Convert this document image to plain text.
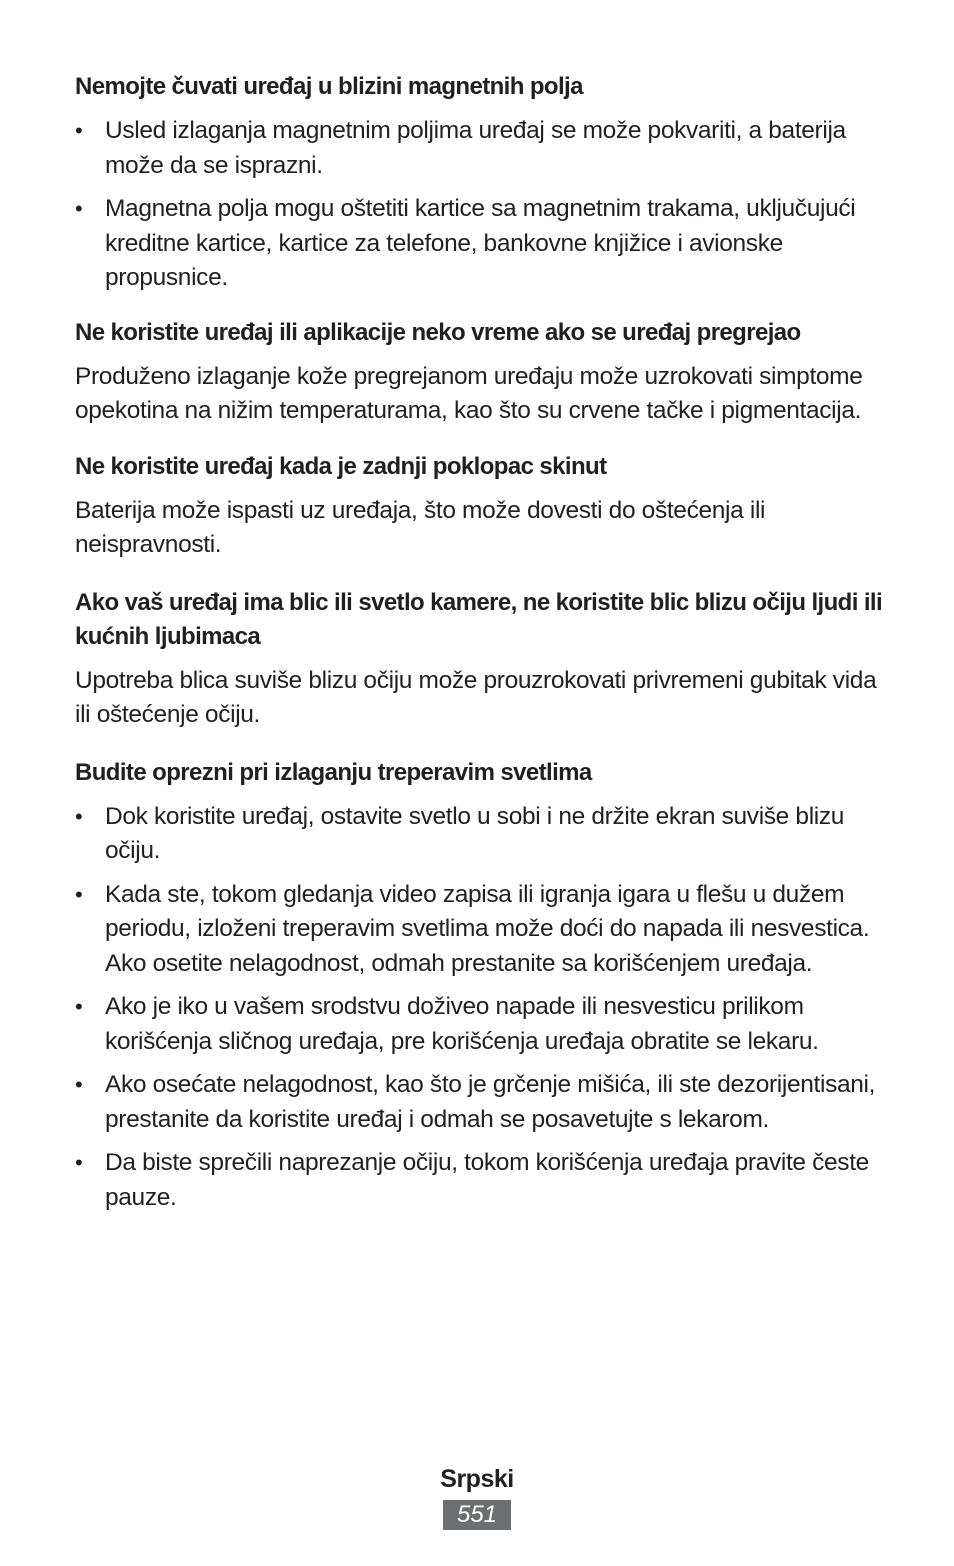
Nemojte čuvati uređaj u blizini magnetnih polja
• Usled izlaganja magnetnim poljima uređaj se može pokvariti, a baterija može da se isprazni.
• Magnetna polja mogu oštetiti kartice sa magnetnim trakama, uključujući kreditne kartice, kartice za telefone, bankovne knjižice i avionske propusnice.
Ne koristite uređaj ili aplikacije neko vreme ako se uređaj pregrejao

Produženo izlaganje kože pregrejanom uređaju može uzrokovati simptome opekotina na nižim temperaturama, kao što su crvene tačke i pigmentacija.

Ne koristite uređaj kada je zadnji poklopac skinut

Baterija može ispasti uz uređaja, što može dovesti do oštećenja ili neispravnosti.

Ako vaš uređaj ima blic ili svetlo kamere, ne koristite blic blizu očiju ljudi ili kućnih ljubimaca

Upotreba blica suviše blizu očiju može prouzrokovati privremeni gubitak vida ili oštećenje očiju.

Budite oprezni pri izlaganju treperavim svetlima
• Dok koristite uređaj, ostavite svetlo u sobi i ne držite ekran suviše blizu očiju.
• Kada ste, tokom gledanja video zapisa ili igranja igara u flešu u dužem periodu, izloženi treperavim svetlima može doći do napada ili nesvestica. Ako osetite nelagodnost, odmah prestanite sa korišćenjem uređaja.
• Ako je iko u vašem srodstvu doživeo napade ili nesvesticu prilikom korišćenja sličnog uređaja, pre korišćenja uređaja obratite se lekaru.
• Ako osećate nelagodnost, kao što je grčenje mišića, ili ste dezorijentisani, prestanite da koristite uređaj i odmah se posavetujte s lekarom.
• Da biste sprečili naprezanje očiju, tokom korišćenja uređaja pravite česte pauze.
Srpski
551
